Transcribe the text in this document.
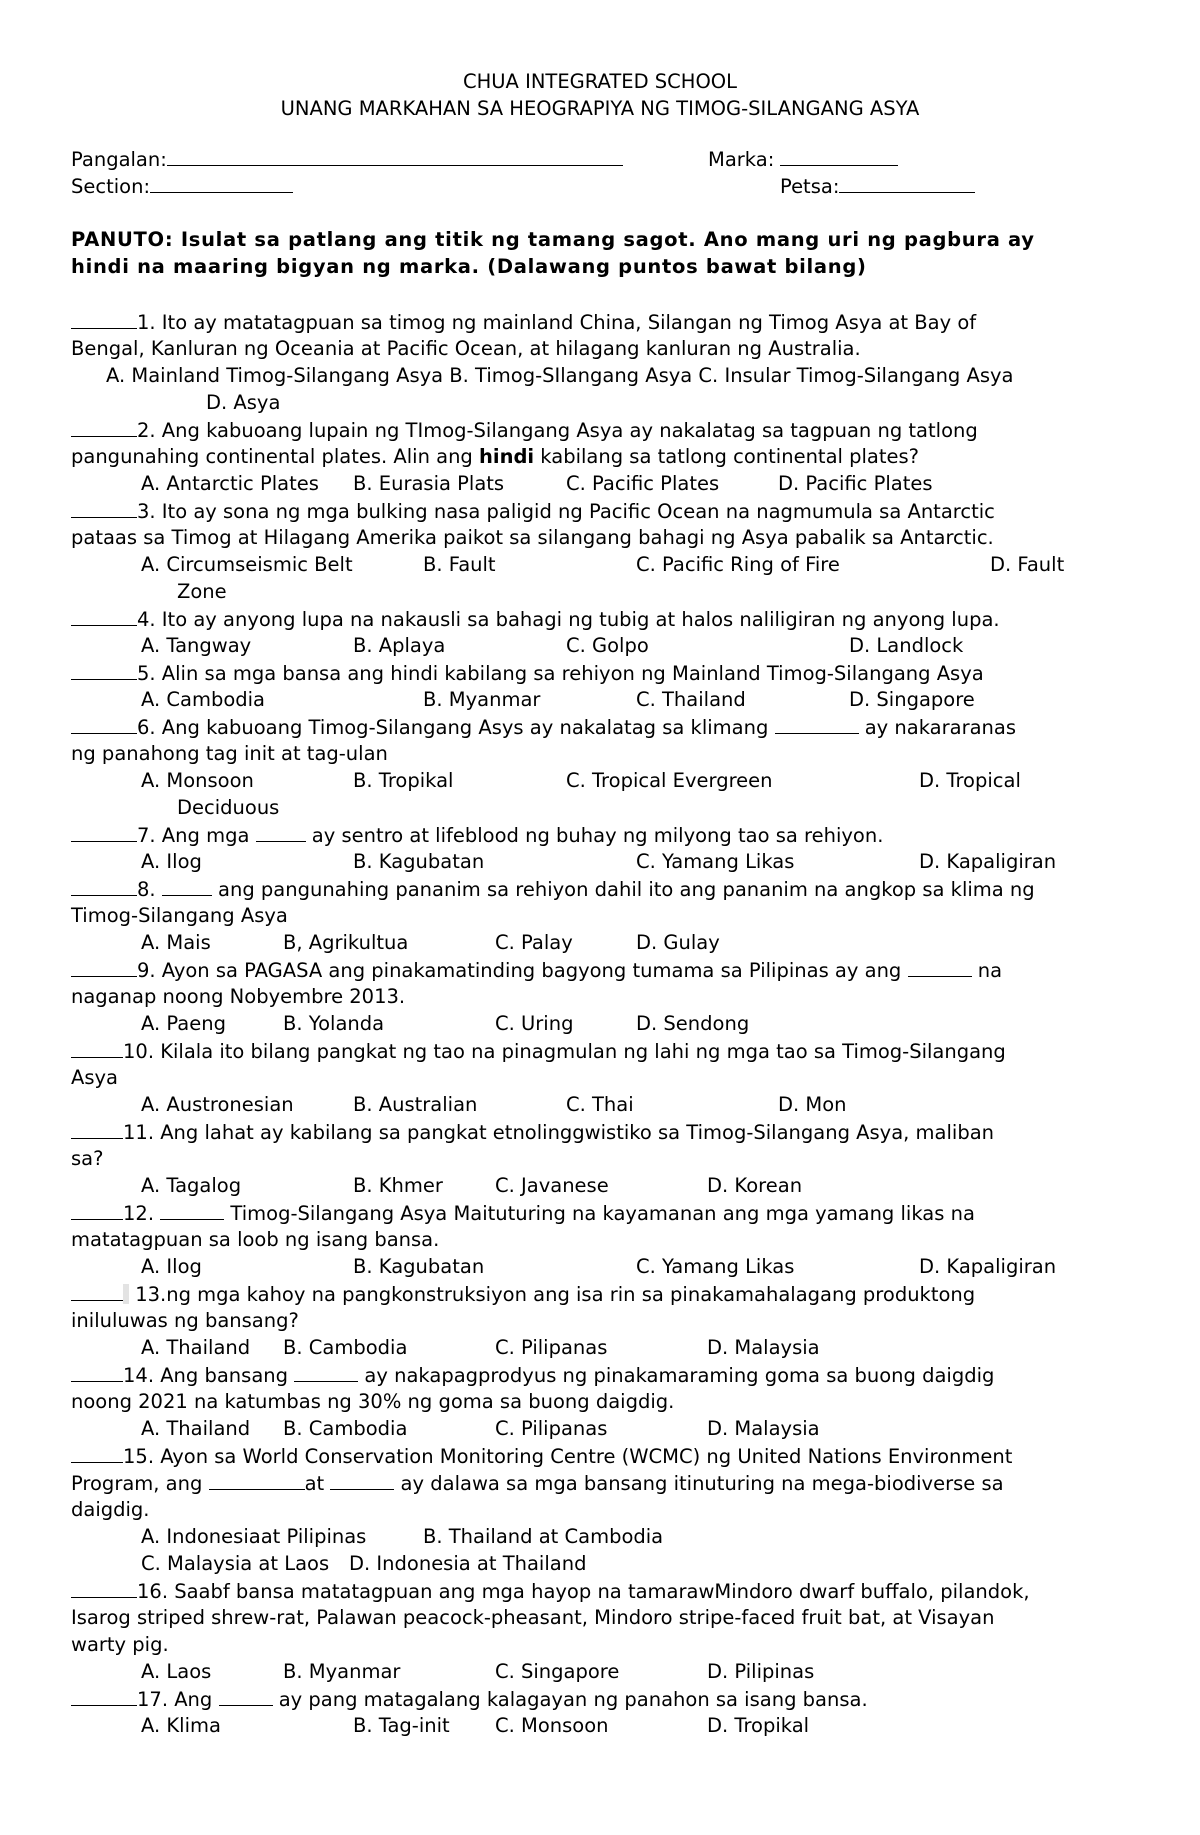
CHUA INTEGRATED SCHOOL
UNANG MARKAHAN SA HEOGRAPIYA NG TIMOG-SILANGANG ASYA
Pangalan:	Marka:
Section:	Petsa:
PANUTO: Isulat sa patlang ang titik ng tamang sagot. Ano mang uri ng pagbura ay
hindi na maaring bigyan ng marka. (Dalawang puntos bawat bilang)
1. Ito ay matatagpuan sa timog ng mainland China, Silangan ng Timog Asya at Bay of
Bengal, Kanluran ng Oceania at Pacific Ocean, at hilagang kanluran ng Australia.
A. Mainland Timog-Silangang Asya B. Timog-SIlangang Asya C. Insular Timog-Silangang Asya
D. Asya
2. Ang kabuoang lupain ng TImog-Silangang Asya ay nakalatag sa tagpuan ng tatlong
pangunahing continental plates. Alin ang hindi kabilang sa tatlong continental plates?
A. Antarctic Plates B. Eurasia Plats	C. Pacific Plates	D. Pacific Plates
3. Ito ay sona ng mga bulking nasa paligid ng Pacific Ocean na nagmumula sa Antarctic
pataas sa Timog at Hilagang Amerika paikot sa silangang bahagi ng Asya pabalik sa Antarctic.
A. Circumseismic Belt	B. Fault	C. Pacific Ring of Fire	D. Fault
Zone
4. Ito ay anyong lupa na nakausli sa bahagi ng tubig at halos naliligiran ng anyong lupa.
A. Tangway	B. Aplaya	C. Golpo	D. Landlock
5. Alin sa mga bansa ang hindi kabilang sa rehiyon ng Mainland Timog-Silangang Asya
A. Cambodia	B. Myanmar	C. Thailand	D. Singapore
6. Ang kabuoang Timog-Silangang Asys ay nakalatag sa klimang	ay nakararanas
ng panahong tag init at tag-ulan
A. Monsoon	B. Tropikal	C. Tropical Evergreen	D. Tropical
Deciduous
7. Ang mga	ay sentro at lifeblood ng buhay ng milyong tao sa rehiyon.
A. Ilog	B. Kagubatan	C. Yamang Likas	D. Kapaligiran
8.	ang pangunahing pananim sa rehiyon dahil ito ang pananim na angkop sa klima ng
Timog-Silangang Asya
A. Mais	B, Agrikultua	C. Palay	D. Gulay
9. Ayon sa PAGASA ang pinakamatinding bagyong tumama sa Pilipinas ay ang	na
naganap noong Nobyembre 2013.
A. Paeng	B. Yolanda	C. Uring	D. Sendong
10. Kilala ito bilang pangkat ng tao na pinagmulan ng lahi ng mga tao sa Timog-Silangang
Asya
A. Austronesian	B. Australian	C. Thai	D. Mon
11. Ang lahat ay kabilang sa pangkat etnolinggwistiko sa Timog-Silangang Asya, maliban
sa?
A. Tagalog	B. Khmer	C. Javanese	D. Korean
12.	Timog-Silangang Asya Maituturing na kayamanan ang mga yamang likas na
matatagpuan sa loob ng isang bansa.
A. Ilog	B. Kagubatan	C. Yamang Likas	D. Kapaligiran
13.ng mga kahoy na pangkonstruksiyon ang isa rin sa pinakamahalagang produktong
iniluluwas ng bansang?
A. Thailand B. Cambodia	C. Pilipanas	D. Malaysia
14. Ang bansang	ay nakapagprodyus ng pinakamaraming goma sa buong daigdig
noong 2021 na katumbas ng 30% ng goma sa buong daigdig.
A. Thailand B. Cambodia	C. Pilipanas	D. Malaysia
15. Ayon sa World Conservation Monitoring Centre (WCMC) ng United Nations Environment
Program, ang	at	ay dalawa sa mga bansang itinuturing na mega-biodiverse sa
daigdig.
A. Indonesiaat Pilipinas	B. Thailand at Cambodia
C. Malaysia at Laos D. Indonesia at Thailand
16. Saabf bansa matatagpuan ang mga hayop na tamarawMindoro dwarf buffalo, pilandok,
Isarog striped shrew-rat, Palawan peacock-pheasant, Mindoro stripe-faced fruit bat, at Visayan
warty pig.
A. Laos	B. Myanmar	C. Singapore	D. Pilipinas
17. Ang	ay pang matagalang kalagayan ng panahon sa isang bansa.
A. Klima	B. Tag-init C. Monsoon	D. Tropikal
